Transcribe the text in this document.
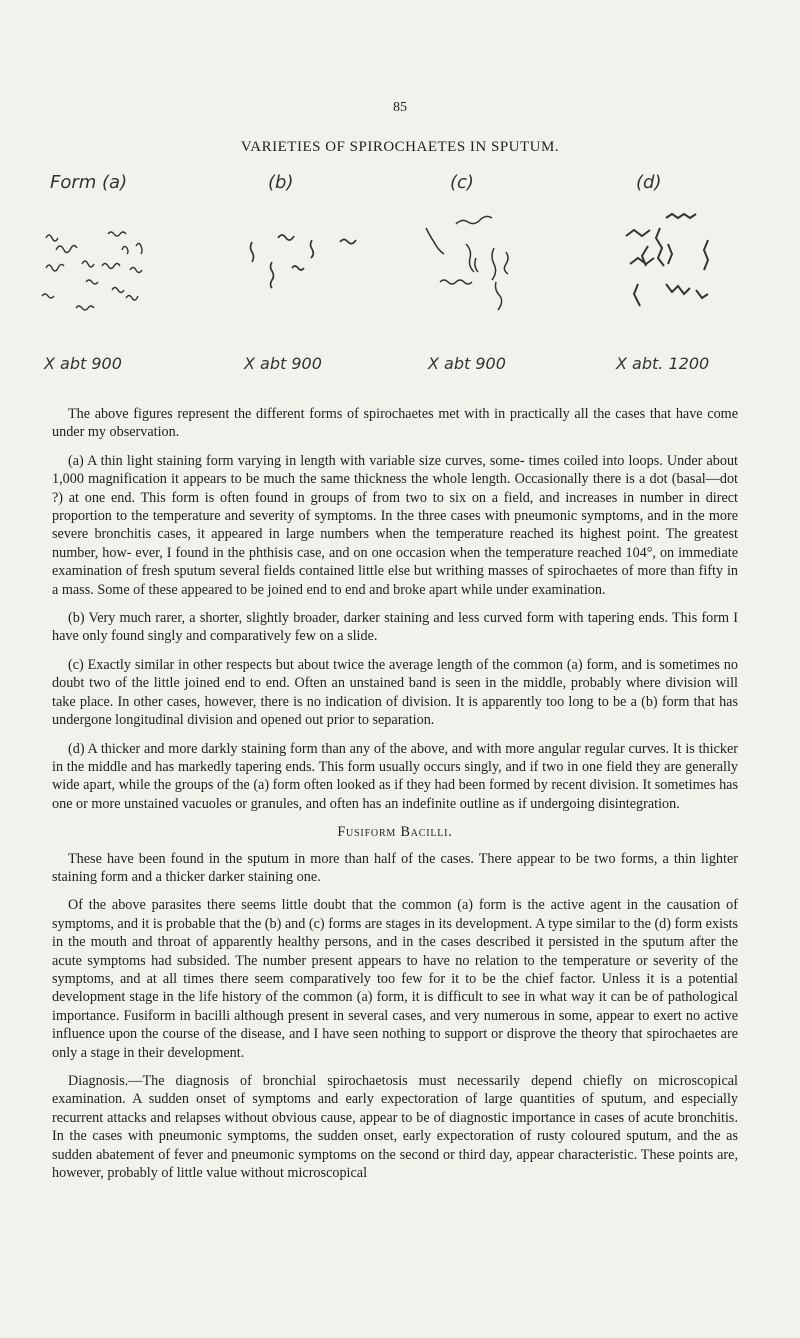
85
VARIETIES OF SPIROCHAETES IN SPUTUM.
Form (a)	(b)	(c)	(d)
X abt 900	X abt 900	X abt 900	X abt. 1200

The above figures represent the different forms of spirochaetes met with in practically all the cases that have come under my observation.

(a) A thin light staining form varying in length with variable size curves, some- times coiled into loops. Under about 1,000 magnification it appears to be much the same thickness the whole length. Occasionally there is a dot (basal—dot ?) at one end. This form is often found in groups of from two to six on a field, and increases in number in direct proportion to the temperature and severity of symptoms. In the three cases with pneumonic symptoms, and in the more severe bronchitis cases, it appeared in large numbers when the temperature reached its highest point. The greatest number, how- ever, I found in the phthisis case, and on one occasion when the temperature reached 104°, on immediate examination of fresh sputum several fields contained little else but writhing masses of spirochaetes of more than fifty in a mass. Some of these appeared to be joined end to end and broke apart while under examination.

(b) Very much rarer, a shorter, slightly broader, darker staining and less curved form with tapering ends. This form I have only found singly and comparatively few on a slide.

(c) Exactly similar in other respects but about twice the average length of the common (a) form, and is sometimes no doubt two of the little joined end to end. Often an unstained band is seen in the middle, probably where division will take place. In other cases, however, there is no indication of division. It is apparently too long to be a (b) form that has undergone longitudinal division and opened out prior to separation.

(d) A thicker and more darkly staining form than any of the above, and with more angular regular curves. It is thicker in the middle and has markedly tapering ends. This form usually occurs singly, and if two in one field they are generally wide apart, while the groups of the (a) form often looked as if they had been formed by recent division. It sometimes has one or more unstained vacuoles or granules, and often has an indefinite outline as if undergoing disintegration.

Fusiform Bacilli.

These have been found in the sputum in more than half of the cases. There appear to be two forms, a thin lighter staining form and a thicker darker staining one.

Of the above parasites there seems little doubt that the common (a) form is the active agent in the causation of symptoms, and it is probable that the (b) and (c) forms are stages in its development. A type similar to the (d) form exists in the mouth and throat of apparently healthy persons, and in the cases described it persisted in the sputum after the acute symptoms had subsided. The number present appears to have no relation to the temperature or severity of the symptoms, and at all times there seem comparatively too few for it to be the chief factor. Unless it is a potential development stage in the life history of the common (a) form, it is difficult to see in what way it can be of pathological importance. Fusiform in bacilli although present in several cases, and very numerous in some, appear to exert no active influence upon the course of the disease, and I have seen nothing to support or disprove the theory that spirochaetes are only a stage in their development.

Diagnosis.—The diagnosis of bronchial spirochaetosis must necessarily depend chiefly on microscopical examination. A sudden onset of symptoms and early expectoration of large quantities of sputum, and especially recurrent attacks and relapses without obvious cause, appear to be of diagnostic importance in cases of acute bronchitis. In the cases with pneumonic symptoms, the sudden onset, early expectoration of rusty coloured sputum, and the as sudden abatement of fever and pneumonic symptoms on the second or third day, appear characteristic. These points are, however, probably of little value without microscopical
